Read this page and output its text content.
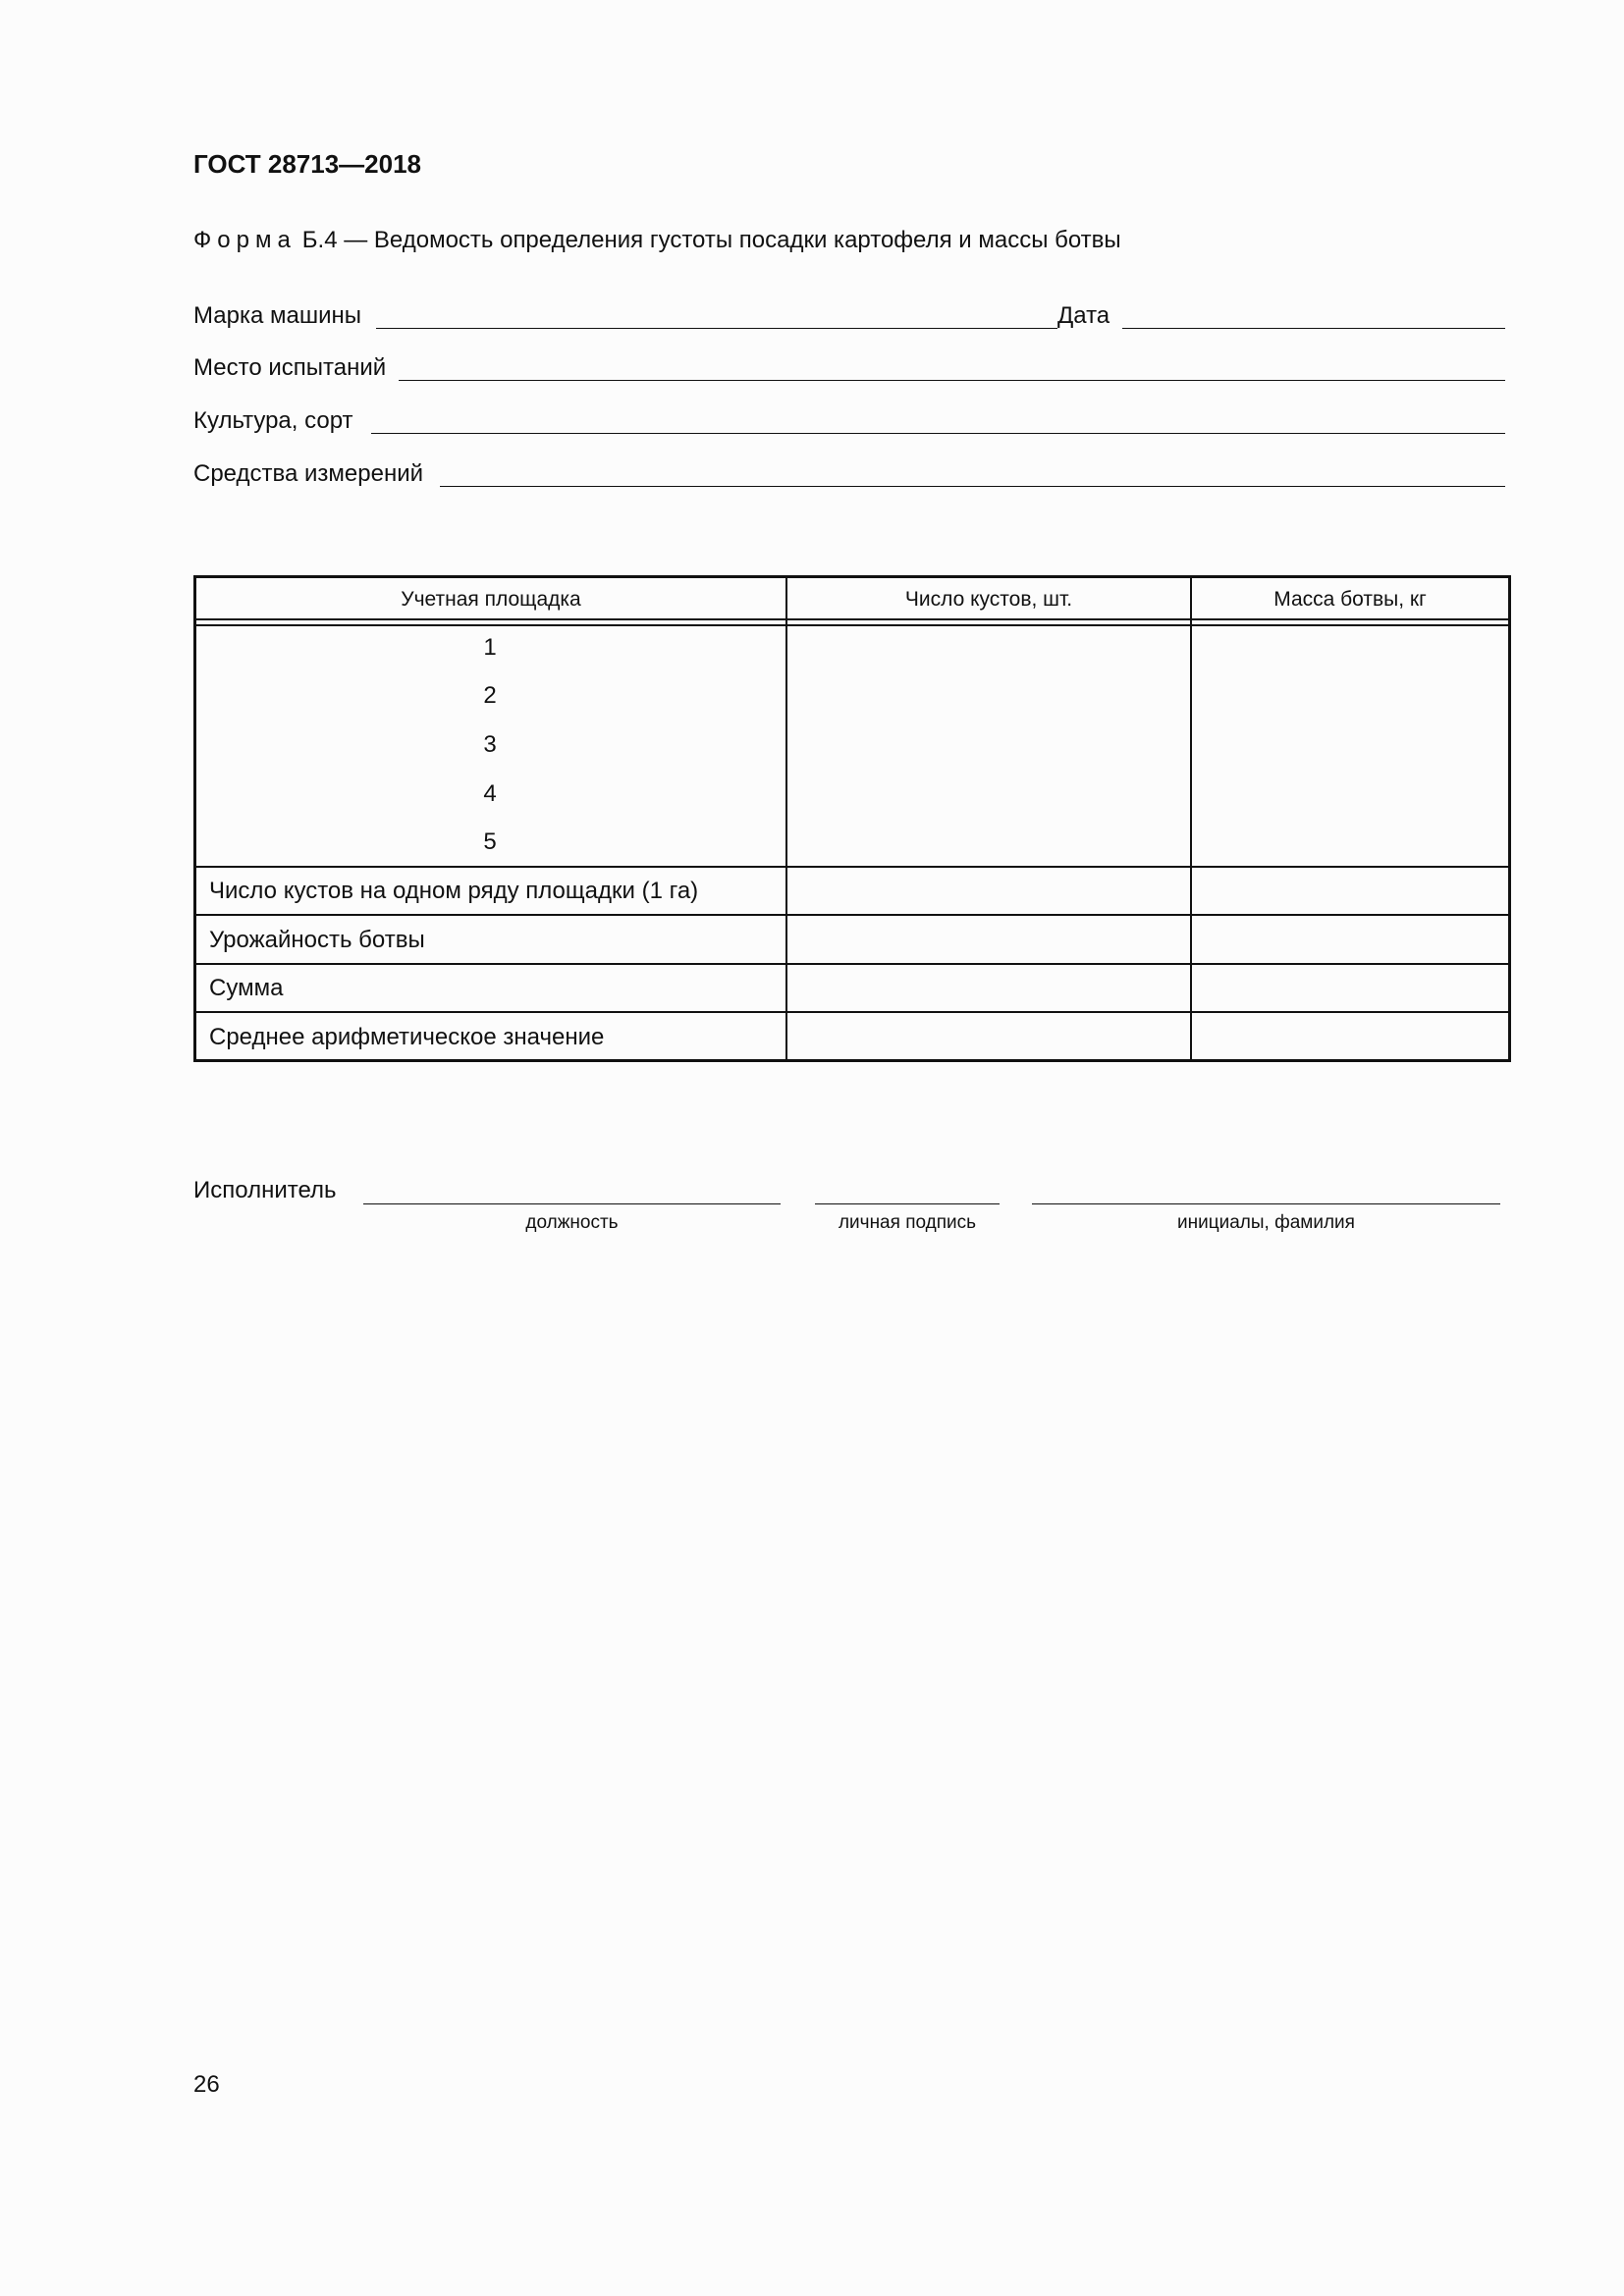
ГОСТ 28713—2018
Форма Б.4 — Ведомость определения густоты посадки картофеля и массы ботвы
Марка машины	Дата
Место испытаний
Культура, сорт
Средства измерений
Учетная площадка	Число кустов, шт.	Масса ботвы, кг
1
2
3
4
5
Число кустов на одном ряду площадки (1 га)
Урожайность ботвы
Сумма
Среднее арифметическое значение
Исполнитель
должность	личная подпись	инициалы, фамилия
26
